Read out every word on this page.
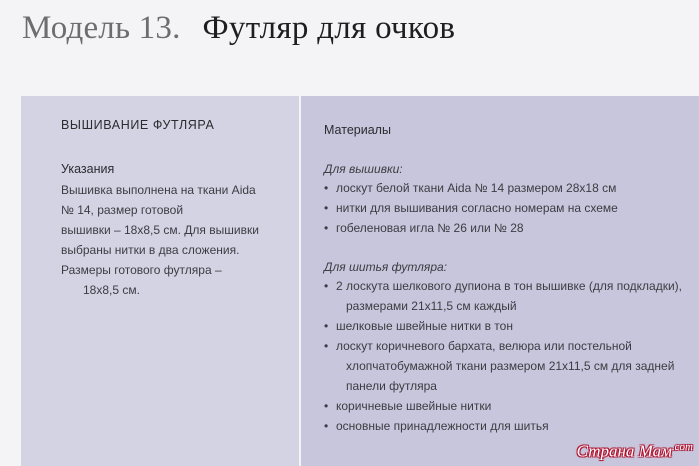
Модель 13. Футляр для очков
ВЫШИВАНИЕ ФУТЛЯРА
Указания
Вышивка выполнена на ткани Aida
№ 14, размер готовой
вышивки – 18х8,5 см. Для вышивки
выбраны нитки в два сложения.
Размеры готового футляра –
18х8,5 см.
Материалы
Для вышивки:
• лоскут белой ткани Aida № 14 размером 28х18 см
• нитки для вышивания согласно номерам на схеме
• гобеленовая игла № 26 или № 28
Для шитья футляра:
• 2 лоскута шелкового дупиона в тон вышивке (для подкладки),
размерами 21х11,5 см каждый
• шелковые швейные нитки в тон
• лоскут коричневого бархата, велюра или постельной
хлопчатобумажной ткани размером 21х11,5 см для задней
панели футляра
• коричневые швейные нитки
• основные принадлежности для шитья
Страна Мам$^{.com}$
